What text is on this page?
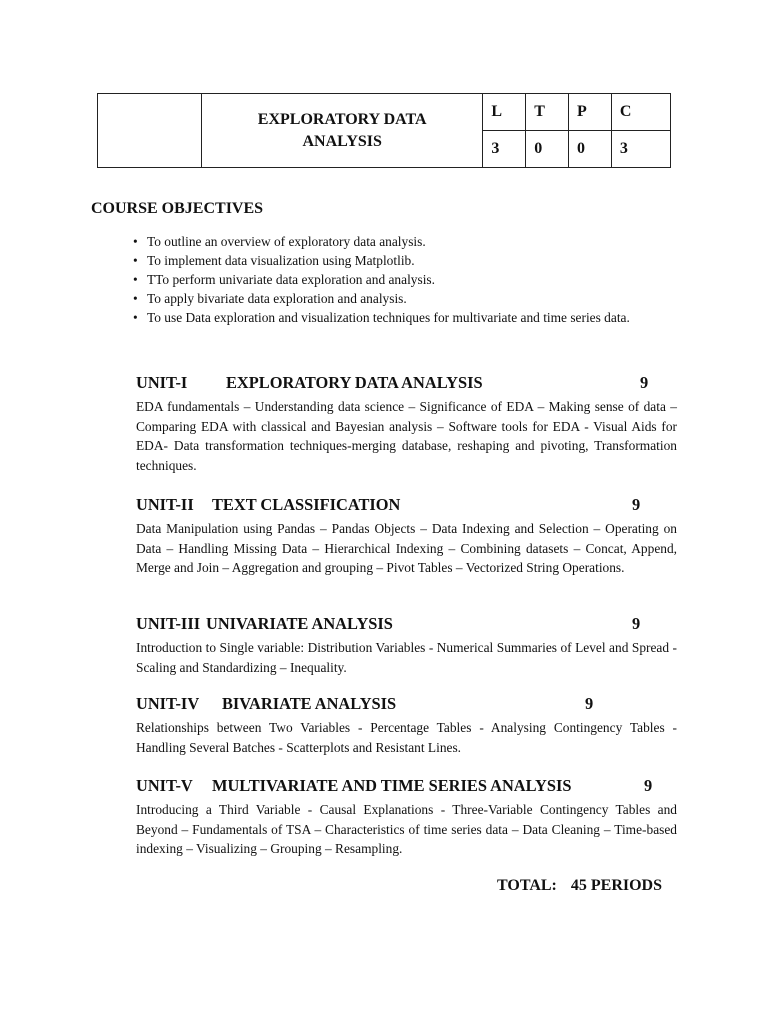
	EXPLORATORY DATA
ANALYSIS	L	T	P	C
		3	0	0	3
COURSE OBJECTIVES
• To outline an overview of exploratory data analysis.
• To implement data visualization using Matplotlib.
• TTo perform univariate data exploration and analysis.
• To apply bivariate data exploration and analysis.
• To use Data exploration and visualization techniques for multivariate and time series data.
UNIT-I EXPLORATORY DATA ANALYSIS	9

EDA fundamentals – Understanding data science – Significance of EDA – Making sense of data – Comparing EDA with classical and Bayesian analysis – Software tools for EDA - Visual Aids for EDA- Data transformation techniques-merging database, reshaping and pivoting, Transformation techniques.

UNIT-II TEXT CLASSIFICATION	9

Data Manipulation using Pandas – Pandas Objects – Data Indexing and Selection – Operating on Data – Handling Missing Data – Hierarchical Indexing – Combining datasets – Concat, Append, Merge and Join – Aggregation and grouping – Pivot Tables – Vectorized String Operations.

UNIT-III UNIVARIATE ANALYSIS	9

Introduction to Single variable: Distribution Variables - Numerical Summaries of Level and Spread - Scaling and Standardizing – Inequality.

UNIT-IV BIVARIATE ANALYSIS	9

Relationships between Two Variables - Percentage Tables - Analysing Contingency Tables - Handling Several Batches - Scatterplots and Resistant Lines.

UNIT-V MULTIVARIATE AND TIME SERIES ANALYSIS	9

Introducing a Third Variable - Causal Explanations - Three-Variable Contingency Tables and Beyond – Fundamentals of TSA – Characteristics of time series data – Data Cleaning – Time-based indexing – Visualizing – Grouping – Resampling.

TOTAL: 45 PERIODS
